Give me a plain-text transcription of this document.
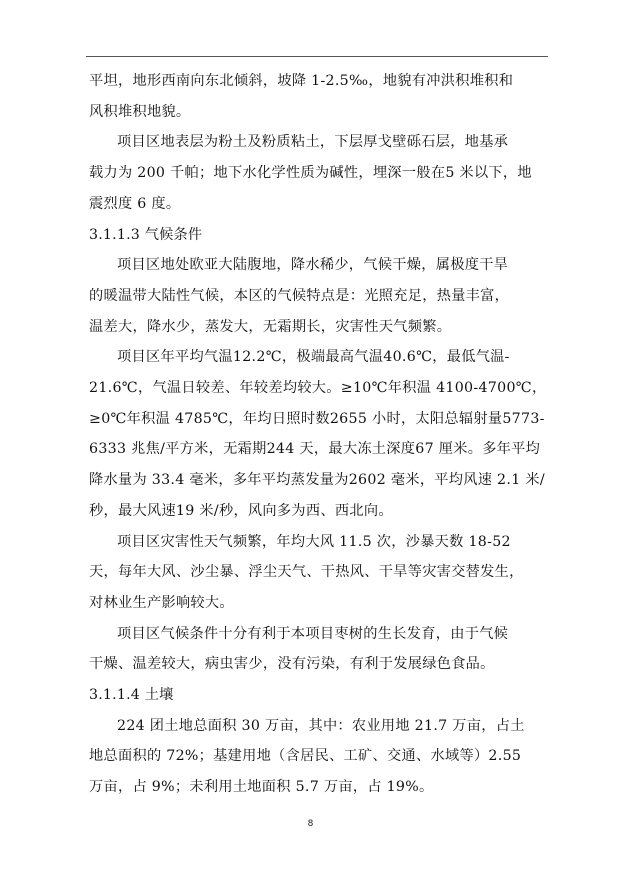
平坦，地形西南向东北倾斜，坡降 1-2.5‰，地貌有冲洪积堆积和
风积堆积地貌。
项目区地表层为粉土及粉质粘土，下层厚戈壁砾石层，地基承
载力为 200 千帕；地下水化学性质为碱性，埋深一般在5 米以下，地
震烈度 6 度。
3.1.1.3 气候条件
项目区地处欧亚大陆腹地，降水稀少，气候干燥，属极度干旱
的暖温带大陆性气候，本区的气候特点是：光照充足，热量丰富，
温差大，降水少，蒸发大，无霜期长，灾害性天气频繁。
项目区年平均气温12.2℃，极端最高气温40.6℃，最低气温-
21.6℃，气温日较差、年较差均较大。≥10℃年积温 4100-4700℃，
≥0℃年积温 4785℃，年均日照时数2655 小时，太阳总辐射量5773-
6333 兆焦/平方米，无霜期244 天，最大冻土深度67 厘米。多年平均
降水量为 33.4 毫米，多年平均蒸发量为2602 毫米，平均风速 2.1 米/
秒，最大风速19 米/秒，风向多为西、西北向。
项目区灾害性天气频繁，年均大风 11.5 次，沙暴天数 18-52
天，每年大风、沙尘暴、浮尘天气、干热风、干旱等灾害交替发生，
对林业生产影响较大。
项目区气候条件十分有利于本项目枣树的生长发育，由于气候
干燥、温差较大，病虫害少，没有污染，有利于发展绿色食品。
3.1.1.4 土壤
224 团土地总面积 30 万亩，其中：农业用地 21.7 万亩，占土
地总面积的 72%；基建用地（含居民、工矿、交通、水域等）2.55
万亩，占 9%；未利用土地面积 5.7 万亩，占 19%。
8
